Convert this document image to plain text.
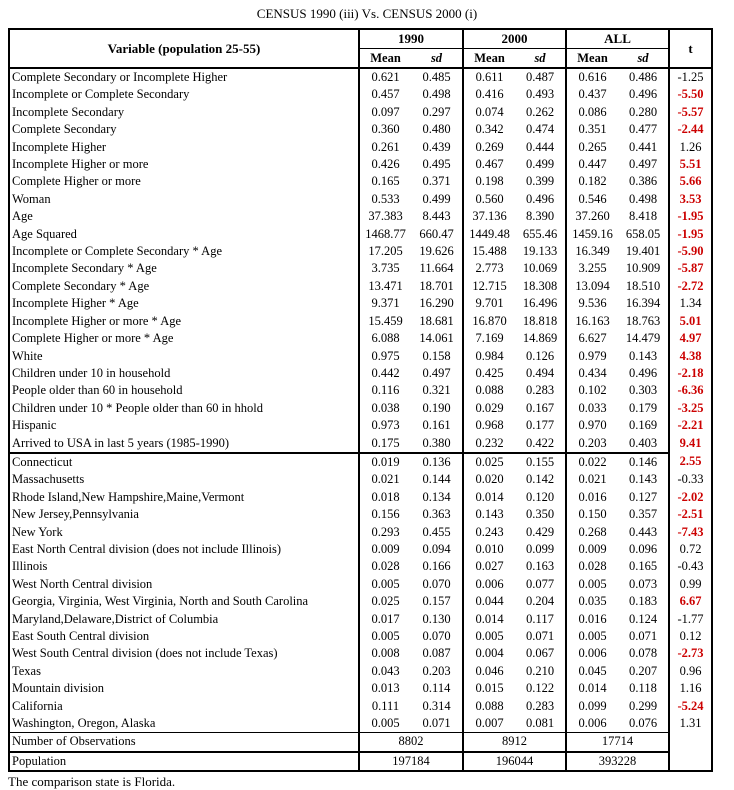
CENSUS 1990 (iii) Vs. CENSUS 2000 (i)
Variable (population 25-55)	1990		2000		ALL		t
	Mean	sd	Mean	sd	Mean	sd	
Complete Secondary or Incomplete Higher	0.621	0.485	0.611	0.487	0.616	0.486	-1.25
Incomplete or Complete Secondary	0.457	0.498	0.416	0.493	0.437	0.496	-5.50
Incomplete Secondary	0.097	0.297	0.074	0.262	0.086	0.280	-5.57
Complete Secondary	0.360	0.480	0.342	0.474	0.351	0.477	-2.44
Incomplete Higher	0.261	0.439	0.269	0.444	0.265	0.441	1.26
Incomplete Higher or more	0.426	0.495	0.467	0.499	0.447	0.497	5.51
Complete Higher or more	0.165	0.371	0.198	0.399	0.182	0.386	5.66
Woman	0.533	0.499	0.560	0.496	0.546	0.498	3.53
Age	37.383	8.443	37.136	8.390	37.260	8.418	-1.95
Age Squared	1468.77	660.47	1449.48	655.46	1459.16	658.05	-1.95
Incomplete or Complete Secondary * Age	17.205	19.626	15.488	19.133	16.349	19.401	-5.90
Incomplete Secondary * Age	3.735	11.664	2.773	10.069	3.255	10.909	-5.87
Complete Secondary * Age	13.471	18.701	12.715	18.308	13.094	18.510	-2.72
Incomplete Higher * Age	9.371	16.290	9.701	16.496	9.536	16.394	1.34
Incomplete Higher or more * Age	15.459	18.681	16.870	18.818	16.163	18.763	5.01
Complete Higher or more * Age	6.088	14.061	7.169	14.869	6.627	14.479	4.97
White	0.975	0.158	0.984	0.126	0.979	0.143	4.38
Children under 10 in household	0.442	0.497	0.425	0.494	0.434	0.496	-2.18
People older than 60 in household	0.116	0.321	0.088	0.283	0.102	0.303	-6.36
Children under 10 * People older than 60 in hhold	0.038	0.190	0.029	0.167	0.033	0.179	-3.25
Hispanic	0.973	0.161	0.968	0.177	0.970	0.169	-2.21
Arrived to USA in last 5 years (1985-1990)	0.175	0.380	0.232	0.422	0.203	0.403	9.41
Connecticut	0.019	0.136	0.025	0.155	0.022	0.146	2.55
Massachusetts	0.021	0.144	0.020	0.142	0.021	0.143	-0.33
Rhode Island,New Hampshire,Maine,Vermont	0.018	0.134	0.014	0.120	0.016	0.127	-2.02
New Jersey,Pennsylvania	0.156	0.363	0.143	0.350	0.150	0.357	-2.51
New York	0.293	0.455	0.243	0.429	0.268	0.443	-7.43
East North Central division (does not include Illinois)	0.009	0.094	0.010	0.099	0.009	0.096	0.72
Illinois	0.028	0.166	0.027	0.163	0.028	0.165	-0.43
West North Central division	0.005	0.070	0.006	0.077	0.005	0.073	0.99
Georgia, Virginia, West Virginia, North and South Carolina	0.025	0.157	0.044	0.204	0.035	0.183	6.67
Maryland,Delaware,District of Columbia	0.017	0.130	0.014	0.117	0.016	0.124	-1.77
East South Central division	0.005	0.070	0.005	0.071	0.005	0.071	0.12
West South Central division (does not include Texas)	0.008	0.087	0.004	0.067	0.006	0.078	-2.73
Texas	0.043	0.203	0.046	0.210	0.045	0.207	0.96
Mountain division	0.013	0.114	0.015	0.122	0.014	0.118	1.16
California	0.111	0.314	0.088	0.283	0.099	0.299	-5.24
Washington, Oregon, Alaska	0.005	0.071	0.007	0.081	0.006	0.076	1.31
Number of Observations	8802		8912		17714		
Population	197184		196044		393228		
The comparison state is Florida.
